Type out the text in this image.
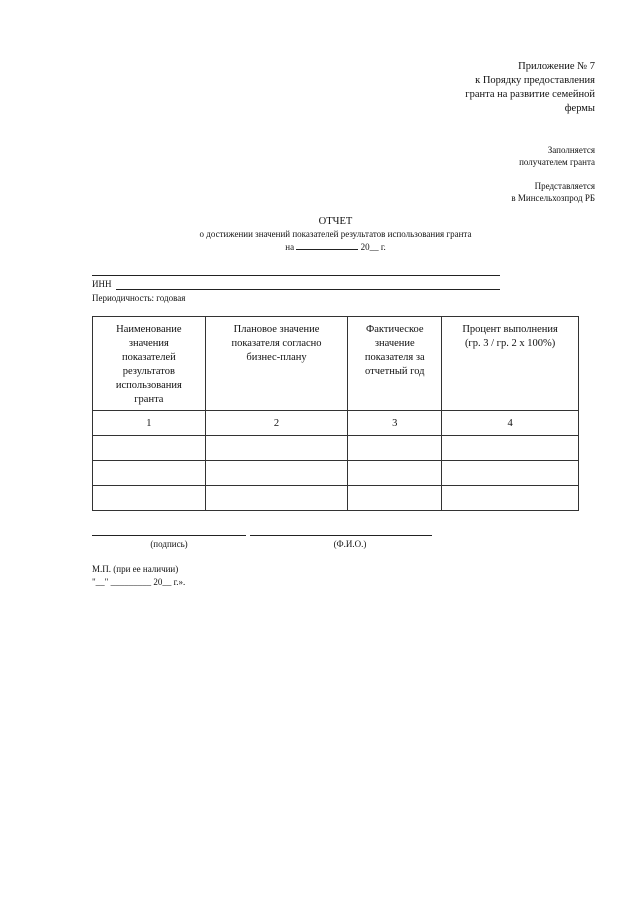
Приложение № 7
к Порядку предоставления
гранта на развитие семейной
фермы
Заполняется
получателем гранта
Представляется
в Минсельхозпрод РБ
ОТЧЕТ
о достижении значений показателей результатов использования гранта
на	20__ г.
ИНН
Периодичность: годовая
Наименование значения показателей результатов использования гранта	Плановое значение показателя согласно бизнес-плану	Фактическое значение показателя за отчетный год	Процент выполнения (гр. 3 / гр. 2 х 100%)

1	2	3	4

(подпись)	(Ф.И.О.)
М.П. (при ее наличии)
"__" _________ 20__ г.».
